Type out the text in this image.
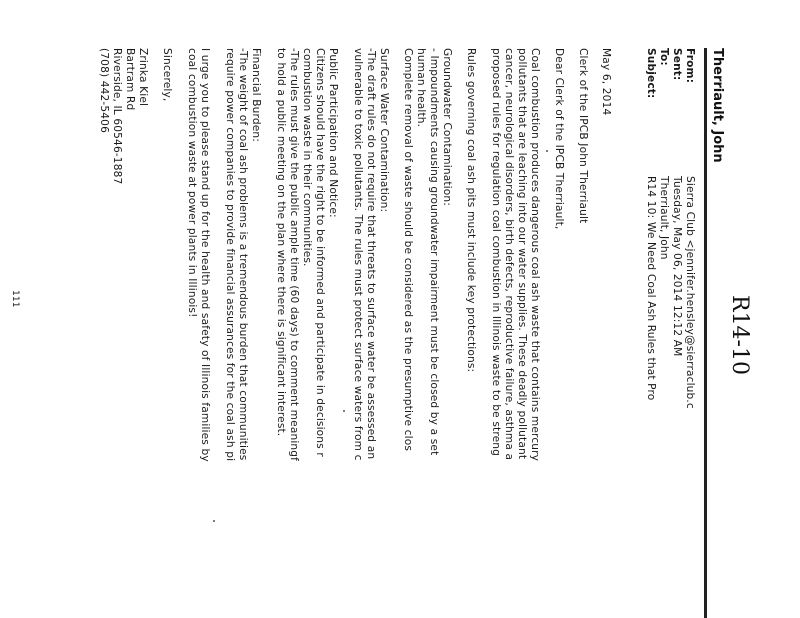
R14-10
Therriault, John
From:
Sierra Club <jennifer.hensley@sierraclub.c
Sent:
Tuesday, May 06, 2014 12:12 AM
To:
Therriault, John
Subject:
R14 10: We Need Coal Ash Rules that Pro
May 6, 2014
Clerk of the IPCB John Therriault
Dear Clerk of the IPCB Therriault,
Coal combustion produces dangerous coal ash waste that contains mercury
pollutants that are leaching into our water supplies. These deadly pollutant
cancer, neurological disorders, birth defects, reproductive failure, asthma a
proposed rules for regulation coal combustion in Illinois waste to be streng
Rules governing coal ash pits must include key protections:
Groundwater Contamination:
- Impoundments causing groundwater impairment must be closed by a set
human health.
Complete removal of waste should be considered as the presumptive clos
Surface Water Contamination:
-The draft rules do not require that threats to surface water be assessed an
vulnerable to toxic pollutants. The rules must protect surface waters from c
Public Participation and Notice:
Citizens should have the right to be informed and participate in decisions r
combustion waste in their communities.
-The rules must give the public ample time (60 days) to comment meaningf
to hold a public meeting on the plan where there is significant interest.
Financial Burden:
-The weight of coal ash problems is a tremendous burden that communities
require power companies to provide financial assurances for the coal ash pi
I urge you to please stand up for the health and safety of Illinois families by
coal combustion waste at power plants in Illinois!
Sincerely,
Zrinka Kiel
Bartram Rd
Riverside, IL 60546-1887
(708) 442-5406
111
